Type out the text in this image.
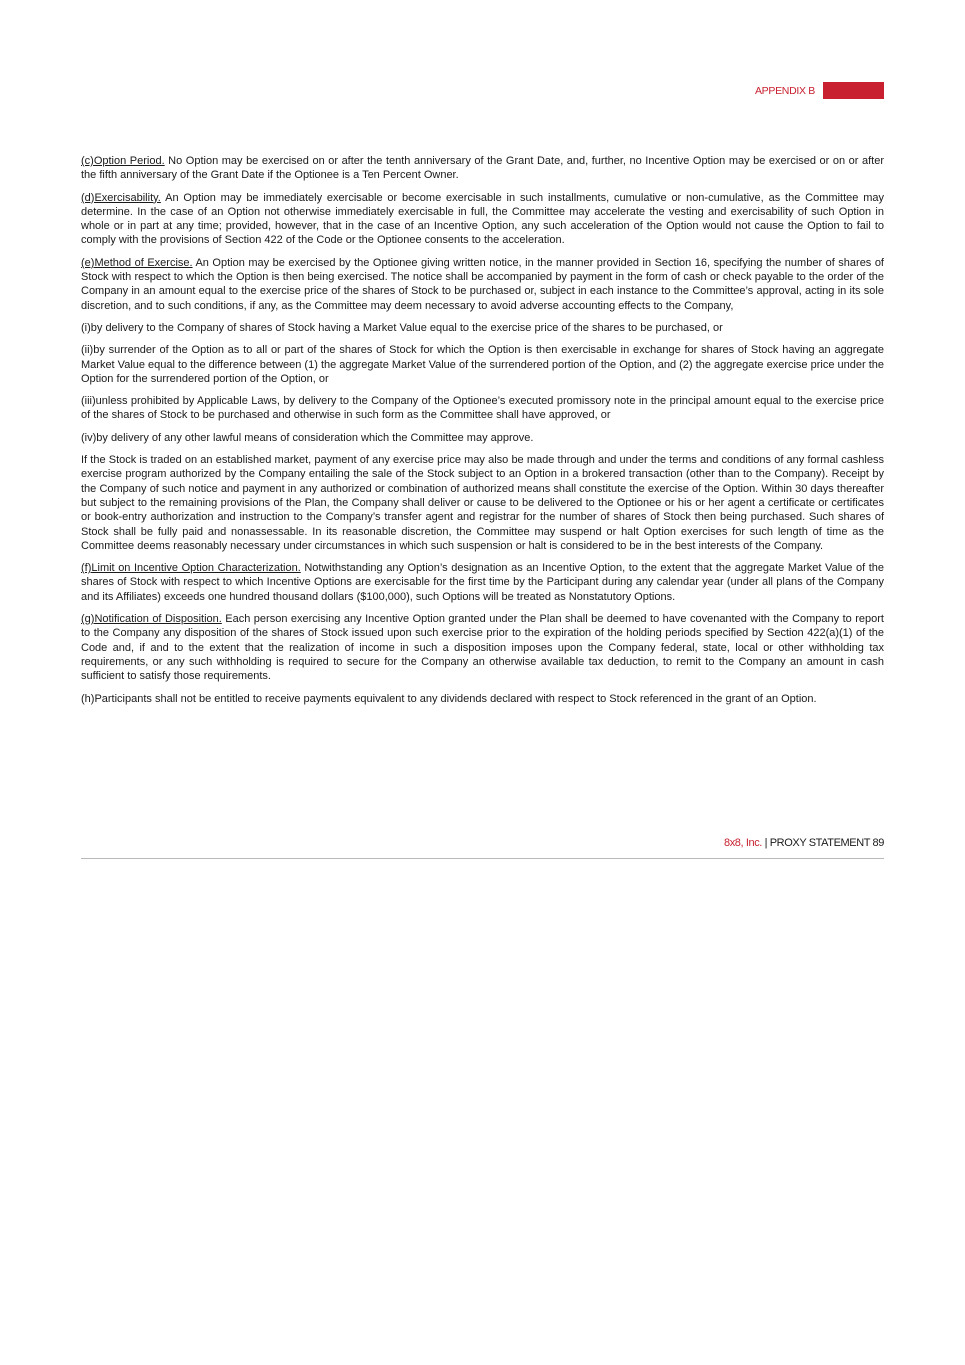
APPENDIX B

(c)Option Period. No Option may be exercised on or after the tenth anniversary of the Grant Date, and, further, no Incentive Option may be exercised or on or after the fifth anniversary of the Grant Date if the Optionee is a Ten Percent Owner.

(d)Exercisability. An Option may be immediately exercisable or become exercisable in such installments, cumulative or non-cumulative, as the Committee may determine. In the case of an Option not otherwise immediately exercisable in full, the Committee may accelerate the vesting and exercisability of such Option in whole or in part at any time; provided, however, that in the case of an Incentive Option, any such acceleration of the Option would not cause the Option to fail to comply with the provisions of Section 422 of the Code or the Optionee consents to the acceleration.

(e)Method of Exercise. An Option may be exercised by the Optionee giving written notice, in the manner provided in Section 16, specifying the number of shares of Stock with respect to which the Option is then being exercised. The notice shall be accompanied by payment in the form of cash or check payable to the order of the Company in an amount equal to the exercise price of the shares of Stock to be purchased or, subject in each instance to the Committee’s approval, acting in its sole discretion, and to such conditions, if any, as the Committee may deem necessary to avoid adverse accounting effects to the Company,

(i)by delivery to the Company of shares of Stock having a Market Value equal to the exercise price of the shares to be purchased, or

(ii)by surrender of the Option as to all or part of the shares of Stock for which the Option is then exercisable in exchange for shares of Stock having an aggregate Market Value equal to the difference between (1) the aggregate Market Value of the surrendered portion of the Option, and (2) the aggregate exercise price under the Option for the surrendered portion of the Option, or

(iii)unless prohibited by Applicable Laws, by delivery to the Company of the Optionee’s executed promissory note in the principal amount equal to the exercise price of the shares of Stock to be purchased and otherwise in such form as the Committee shall have approved, or

(iv)by delivery of any other lawful means of consideration which the Committee may approve.

If the Stock is traded on an established market, payment of any exercise price may also be made through and under the terms and conditions of any formal cashless exercise program authorized by the Company entailing the sale of the Stock subject to an Option in a brokered transaction (other than to the Company). Receipt by the Company of such notice and payment in any authorized or combination of authorized means shall constitute the exercise of the Option. Within 30 days thereafter but subject to the remaining provisions of the Plan, the Company shall deliver or cause to be delivered to the Optionee or his or her agent a certificate or certificates or book-entry authorization and instruction to the Company’s transfer agent and registrar for the number of shares of Stock then being purchased. Such shares of Stock shall be fully paid and nonassessable. In its reasonable discretion, the Committee may suspend or halt Option exercises for such length of time as the Committee deems reasonably necessary under circumstances in which such suspension or halt is considered to be in the best interests of the Company.

(f)Limit on Incentive Option Characterization. Notwithstanding any Option’s designation as an Incentive Option, to the extent that the aggregate Market Value of the shares of Stock with respect to which Incentive Options are exercisable for the first time by the Participant during any calendar year (under all plans of the Company and its Affiliates) exceeds one hundred thousand dollars ($100,000), such Options will be treated as Nonstatutory Options.

(g)Notification of Disposition. Each person exercising any Incentive Option granted under the Plan shall be deemed to have covenanted with the Company to report to the Company any disposition of the shares of Stock issued upon such exercise prior to the expiration of the holding periods specified by Section 422(a)(1) of the Code and, if and to the extent that the realization of income in such a disposition imposes upon the Company federal, state, local or other withholding tax requirements, or any such withholding is required to secure for the Company an otherwise available tax deduction, to remit to the Company an amount in cash sufficient to satisfy those requirements.

(h)Participants shall not be entitled to receive payments equivalent to any dividends declared with respect to Stock referenced in the grant of an Option.

8x8, Inc. | PROXY STATEMENT 89
